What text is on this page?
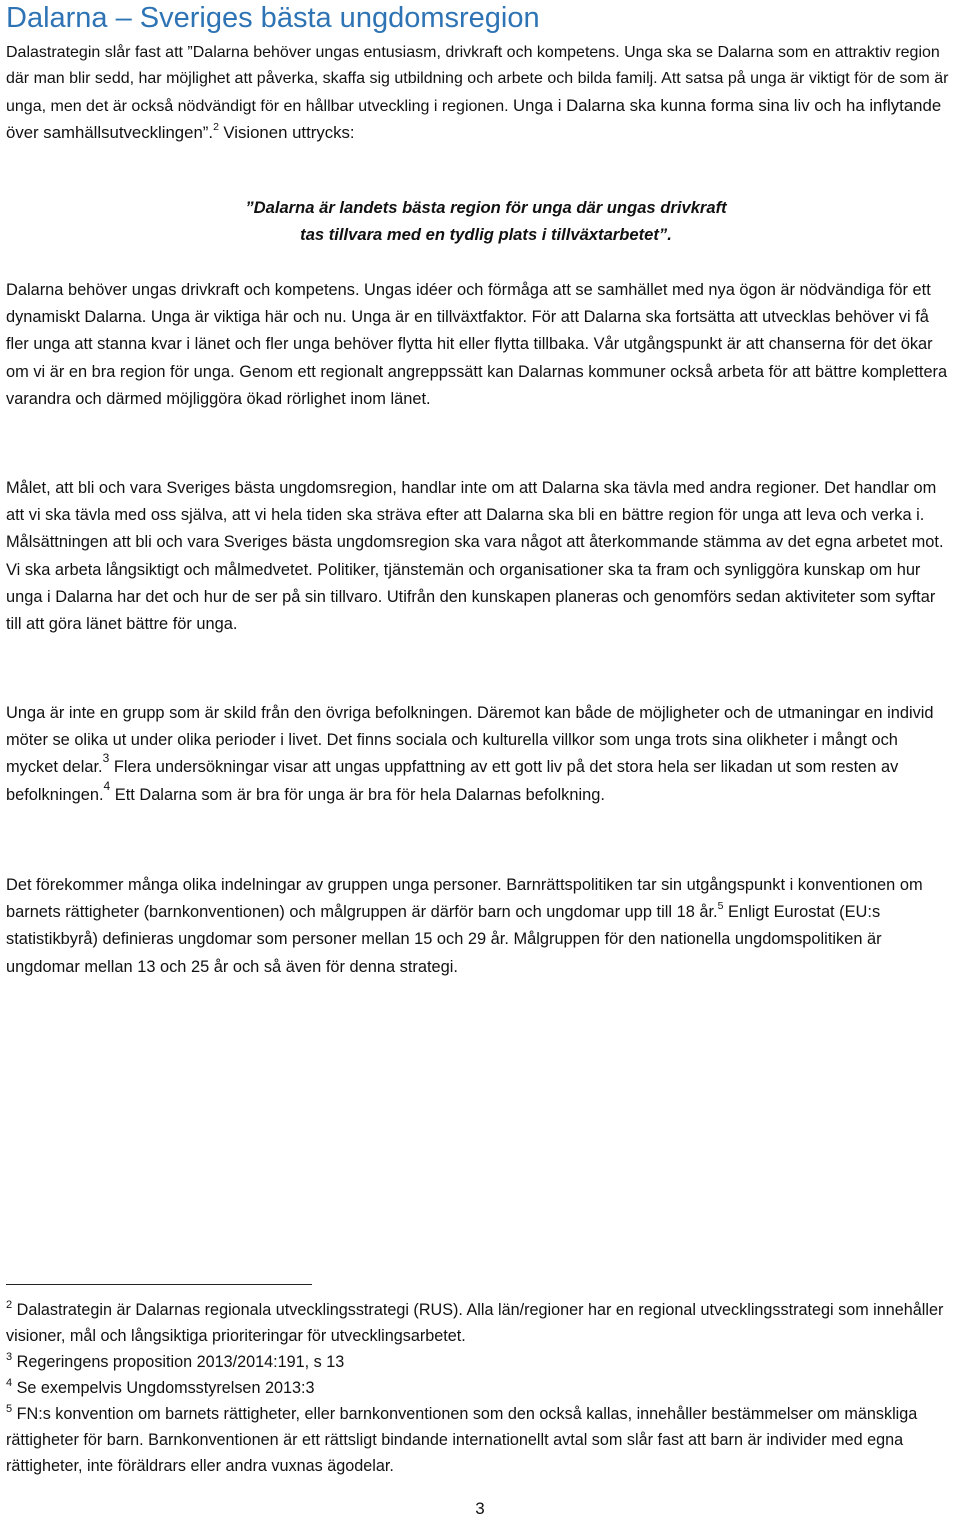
Dalarna – Sveriges bästa ungdomsregion

Dalastrategin slår fast att ”Dalarna behöver ungas entusiasm, drivkraft och kompetens. Unga ska se Dalarna som en attraktiv region där man blir sedd, har möjlighet att påverka, skaffa sig utbildning och arbete och bilda familj. Att satsa på unga är viktigt för de som är unga, men det är också nödvändigt för en hållbar utveckling i regionen. Unga i Dalarna ska kunna forma sina liv och ha inflytande över samhällsutvecklingen”.$^2$ Visionen uttrycks:

”Dalarna är landets bästa region för unga där ungas drivkraft
tas tillvara med en tydlig plats i tillväxtarbetet”.

Dalarna behöver ungas drivkraft och kompetens. Ungas idéer och förmåga att se samhället med nya ögon är nödvändiga för ett dynamiskt Dalarna. Unga är viktiga här och nu. Unga är en tillväxtfaktor. För att Dalarna ska fortsätta att utvecklas behöver vi få fler unga att stanna kvar i länet och fler unga behöver flytta hit eller flytta tillbaka. Vår utgångspunkt är att chanserna för det ökar om vi är en bra region för unga. Genom ett regionalt angreppssätt kan Dalarnas kommuner också arbeta för att bättre komplettera varandra och därmed möjliggöra ökad rörlighet inom länet.

Målet, att bli och vara Sveriges bästa ungdomsregion, handlar inte om att Dalarna ska tävla med andra regioner. Det handlar om att vi ska tävla med oss själva, att vi hela tiden ska sträva efter att Dalarna ska bli en bättre region för unga att leva och verka i. Målsättningen att bli och vara Sveriges bästa ungdomsregion ska vara något att återkommande stämma av det egna arbetet mot. Vi ska arbeta långsiktigt och målmedvetet. Politiker, tjänstemän och organisationer ska ta fram och synliggöra kunskap om hur unga i Dalarna har det och hur de ser på sin tillvaro. Utifrån den kunskapen planeras och genomförs sedan aktiviteter som syftar till att göra länet bättre för unga.

Unga är inte en grupp som är skild från den övriga befolkningen. Däremot kan både de möjligheter och de utmaningar en individ möter se olika ut under olika perioder i livet. Det finns sociala och kulturella villkor som unga trots sina olikheter i mångt och mycket delar.$^3$ Flera undersökningar visar att ungas uppfattning av ett gott liv på det stora hela ser likadan ut som resten av befolkningen.$^4$ Ett Dalarna som är bra för unga är bra för hela Dalarnas befolkning.

Det förekommer många olika indelningar av gruppen unga personer. Barnrättspolitiken tar sin utgångspunkt i konventionen om barnets rättigheter (barnkonventionen) och målgruppen är därför barn och ungdomar upp till 18 år.$^5$ Enligt Eurostat (EU:s statistikbyrå) definieras ungdomar som personer mellan 15 och 29 år. Målgruppen för den nationella ungdomspolitiken är ungdomar mellan 13 och 25 år och så även för denna strategi.

$^2$ Dalastrategin är Dalarnas regionala utvecklingsstrategi (RUS). Alla län/regioner har en regional utvecklingsstrategi som innehåller visioner, mål och långsiktiga prioriteringar för utvecklingsarbetet.

$^3$ Regeringens proposition 2013/2014:191, s 13

$^4$ Se exempelvis Ungdomsstyrelsen 2013:3

$^5$ FN:s konvention om barnets rättigheter, eller barnkonventionen som den också kallas, innehåller bestämmelser om mänskliga rättigheter för barn. Barnkonventionen är ett rättsligt bindande internationellt avtal som slår fast att barn är individer med egna rättigheter, inte föräldrars eller andra vuxnas ägodelar.

3
